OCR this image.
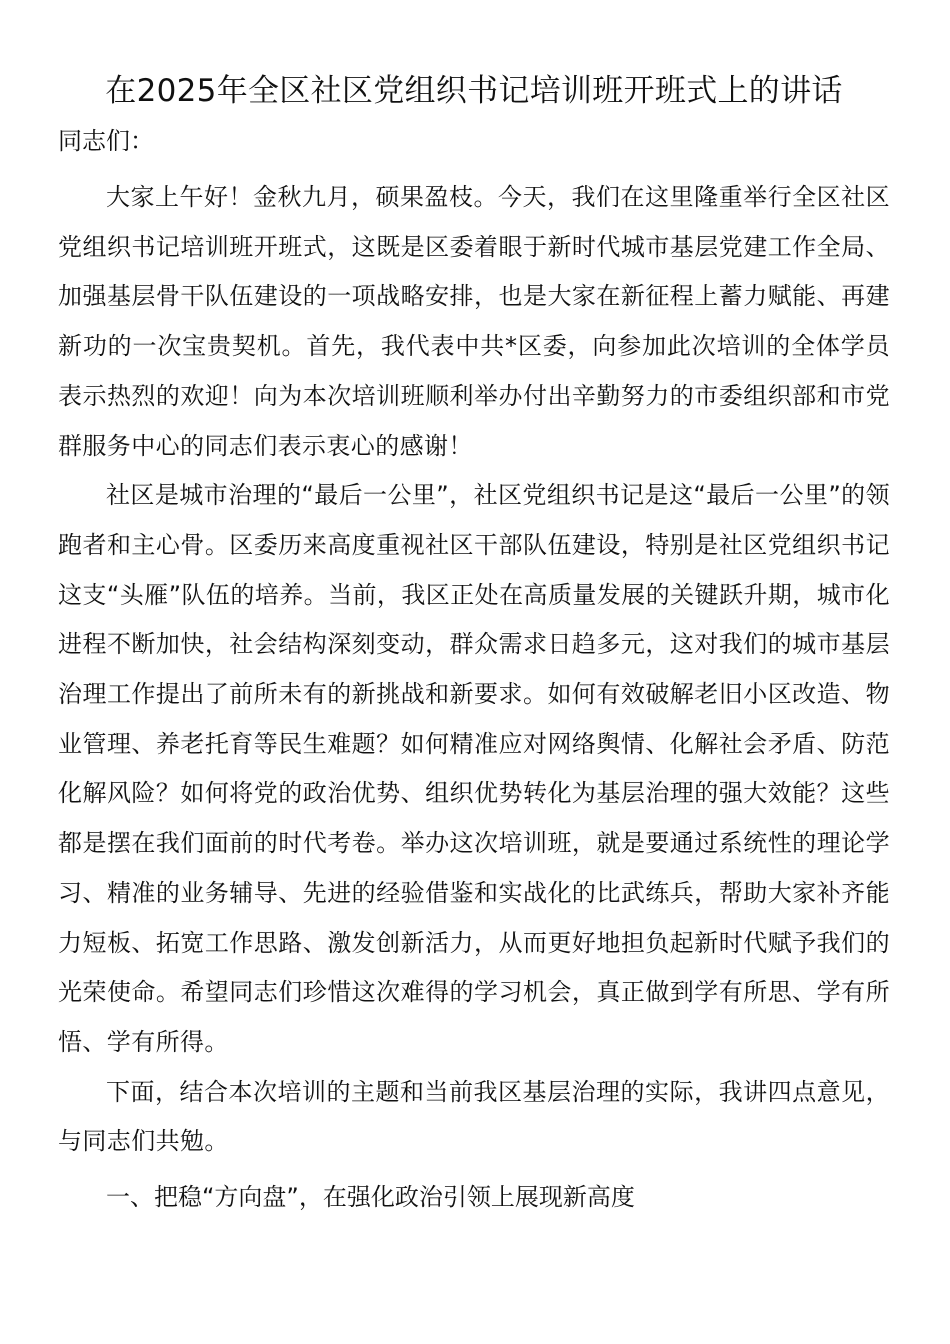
在2025年全区社区党组织书记培训班开班式上的讲话

同志们：

大家上午好！金秋九月，硕果盈枝。今天，我们在这里隆重举行全区社区党组织书记培训班开班式，这既是区委着眼于新时代城市基层党建工作全局、加强基层骨干队伍建设的一项战略安排，也是大家在新征程上蓄力赋能、再建新功的一次宝贵契机。首先，我代表中共*区委，向参加此次培训的全体学员表示热烈的欢迎！向为本次培训班顺利举办付出辛勤努力的市委组织部和市党群服务中心的同志们表示衷心的感谢！

社区是城市治理的“最后一公里”，社区党组织书记是这“最后一公里”的领跑者和主心骨。区委历来高度重视社区干部队伍建设，特别是社区党组织书记这支“头雁”队伍的培养。当前，我区正处在高质量发展的关键跃升期，城市化进程不断加快，社会结构深刻变动，群众需求日趋多元，这对我们的城市基层治理工作提出了前所未有的新挑战和新要求。如何有效破解老旧小区改造、物业管理、养老托育等民生难题？如何精准应对网络舆情、化解社会矛盾、防范化解风险？如何将党的政治优势、组织优势转化为基层治理的强大效能？这些都是摆在我们面前的时代考卷。举办这次培训班，就是要通过系统性的理论学习、精准的业务辅导、先进的经验借鉴和实战化的比武练兵，帮助大家补齐能力短板、拓宽工作思路、激发创新活力，从而更好地担负起新时代赋予我们的光荣使命。希望同志们珍惜这次难得的学习机会，真正做到学有所思、学有所悟、学有所得。

下面，结合本次培训的主题和当前我区基层治理的实际，我讲四点意见，与同志们共勉。

一、把稳“方向盘”，在强化政治引领上展现新高度
